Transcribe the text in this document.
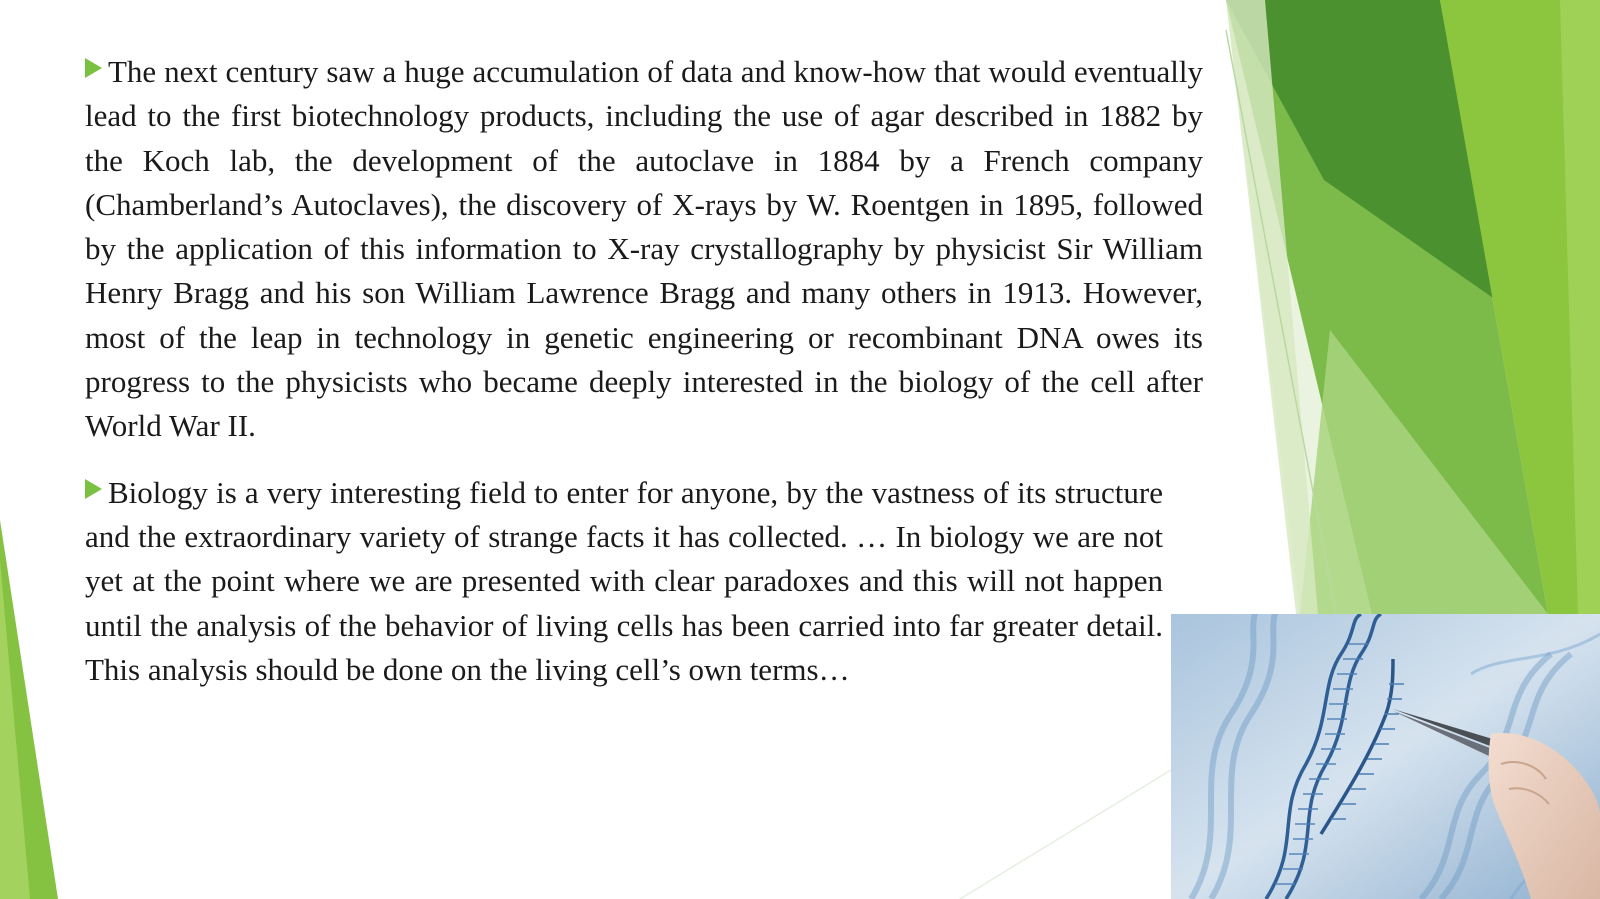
The next century saw a huge accumulation of data and know-how that would eventually lead to the first biotechnology products, including the use of agar described in 1882 by the Koch lab, the development of the autoclave in 1884 by a French company (Chamberland’s Autoclaves), the discovery of X-rays by W. Roentgen in 1895, followed by the application of this information to X-ray crystallography by physicist Sir William Henry Bragg and his son William Lawrence Bragg and many others in 1913. However, most of the leap in technology in genetic engineering or recombinant DNA owes its progress to the physicists who became deeply interested in the biology of the cell after World War II.

Biology is a very interesting field to enter for anyone, by the vastness of its structure and the extraordinary variety of strange facts it has collected. … In biology we are not yet at the point where we are presented with clear paradoxes and this will not happen until the analysis of the behavior of living cells has been carried into far greater detail. This analysis should be done on the living cell’s own terms…
